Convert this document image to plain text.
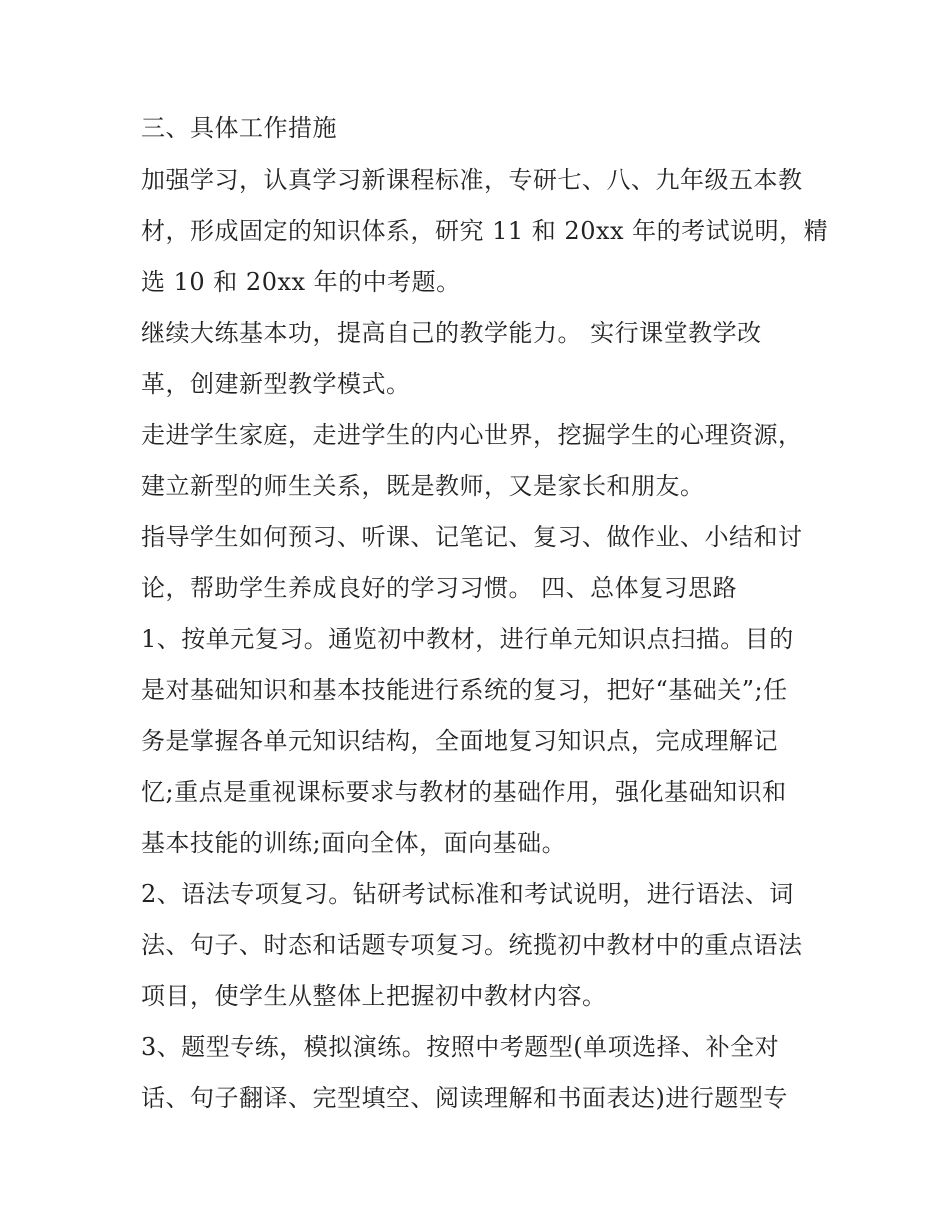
三、具体工作措施
加强学习，认真学习新课程标准，专研七、八、九年级五本教
材，形成固定的知识体系，研究 11 和 20xx 年的考试说明，精
选 10 和 20xx 年的中考题。
继续大练基本功，提高自己的教学能力。 实行课堂教学改
革，创建新型教学模式。
走进学生家庭，走进学生的内心世界，挖掘学生的心理资源，
建立新型的师生关系，既是教师，又是家长和朋友。
指导学生如何预习、听课、记笔记、复习、做作业、小结和讨
论，帮助学生养成良好的学习习惯。 四、总体复习思路
1、按单元复习。通览初中教材，进行单元知识点扫描。目的
是对基础知识和基本技能进行系统的复习，把好“基础关”;任
务是掌握各单元知识结构，全面地复习知识点，完成理解记
忆;重点是重视课标要求与教材的基础作用，强化基础知识和
基本技能的训练;面向全体，面向基础。
2、语法专项复习。钻研考试标准和考试说明，进行语法、词
法、句子、时态和话题专项复习。统揽初中教材中的重点语法
项目，使学生从整体上把握初中教材内容。
3、题型专练，模拟演练。按照中考题型(单项选择、补全对
话、句子翻译、完型填空、阅读理解和书面表达)进行题型专
